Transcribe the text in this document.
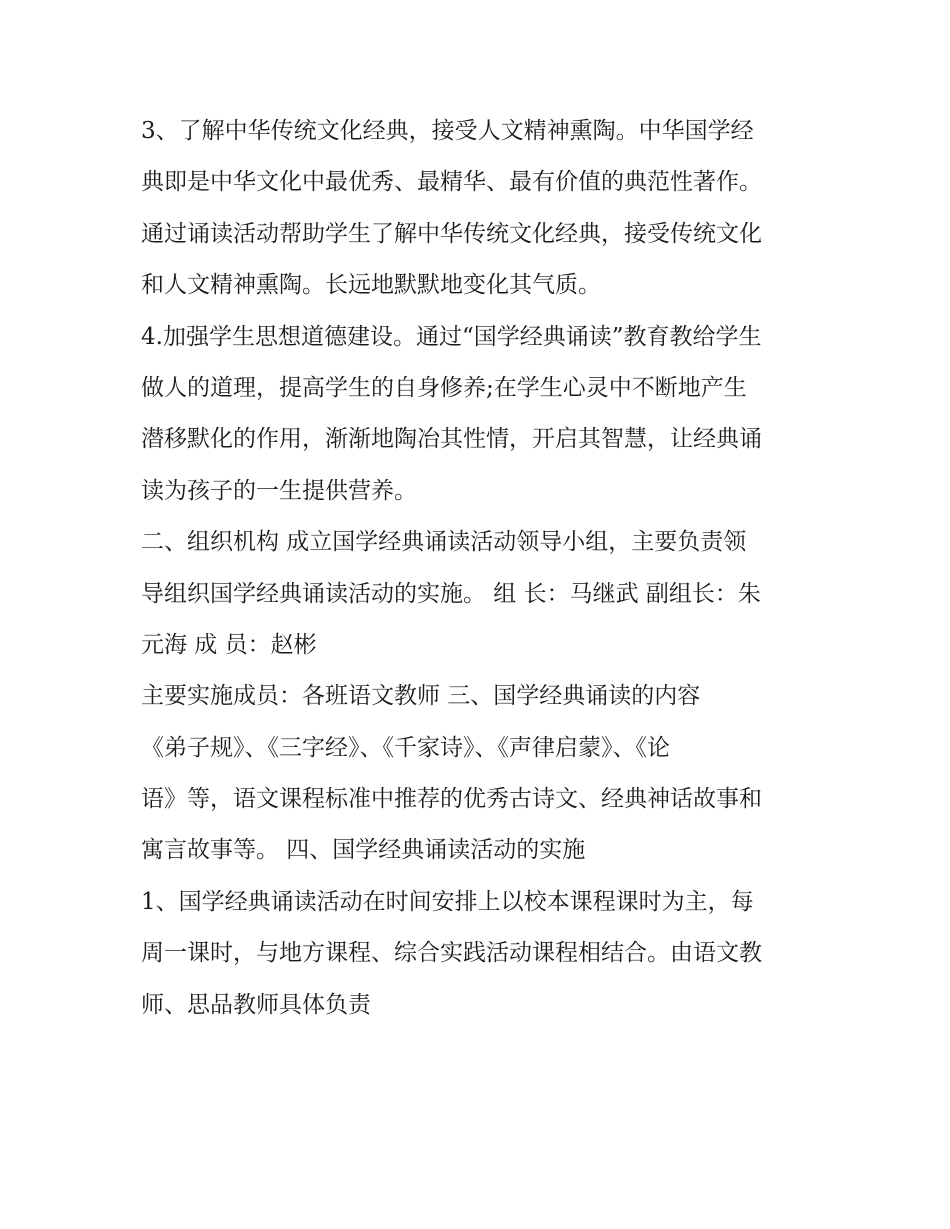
3、了解中华传统文化经典，接受人文精神熏陶。中华国学经
典即是中华文化中最优秀、最精华、最有价值的典范性著作。
通过诵读活动帮助学生了解中华传统文化经典，接受传统文化
和人文精神熏陶。长远地默默地变化其气质。
4.加强学生思想道德建设。通过“国学经典诵读”教育教给学生
做人的道理，提高学生的自身修养;在学生心灵中不断地产生
潜移默化的作用，渐渐地陶冶其性情，开启其智慧，让经典诵
读为孩子的一生提供营养。
二、组织机构 成立国学经典诵读活动领导小组，主要负责领
导组织国学经典诵读活动的实施。 组 长：马继武 副组长：朱
元海 成 员：赵彬
主要实施成员：各班语文教师 三、国学经典诵读的内容
《弟子规》、《三字经》、《千家诗》、《声律启蒙》、《论
语》等，语文课程标准中推荐的优秀古诗文、经典神话故事和
寓言故事等。 四、国学经典诵读活动的实施
1、国学经典诵读活动在时间安排上以校本课程课时为主，每
周一课时，与地方课程、综合实践活动课程相结合。由语文教
师、思品教师具体负责
